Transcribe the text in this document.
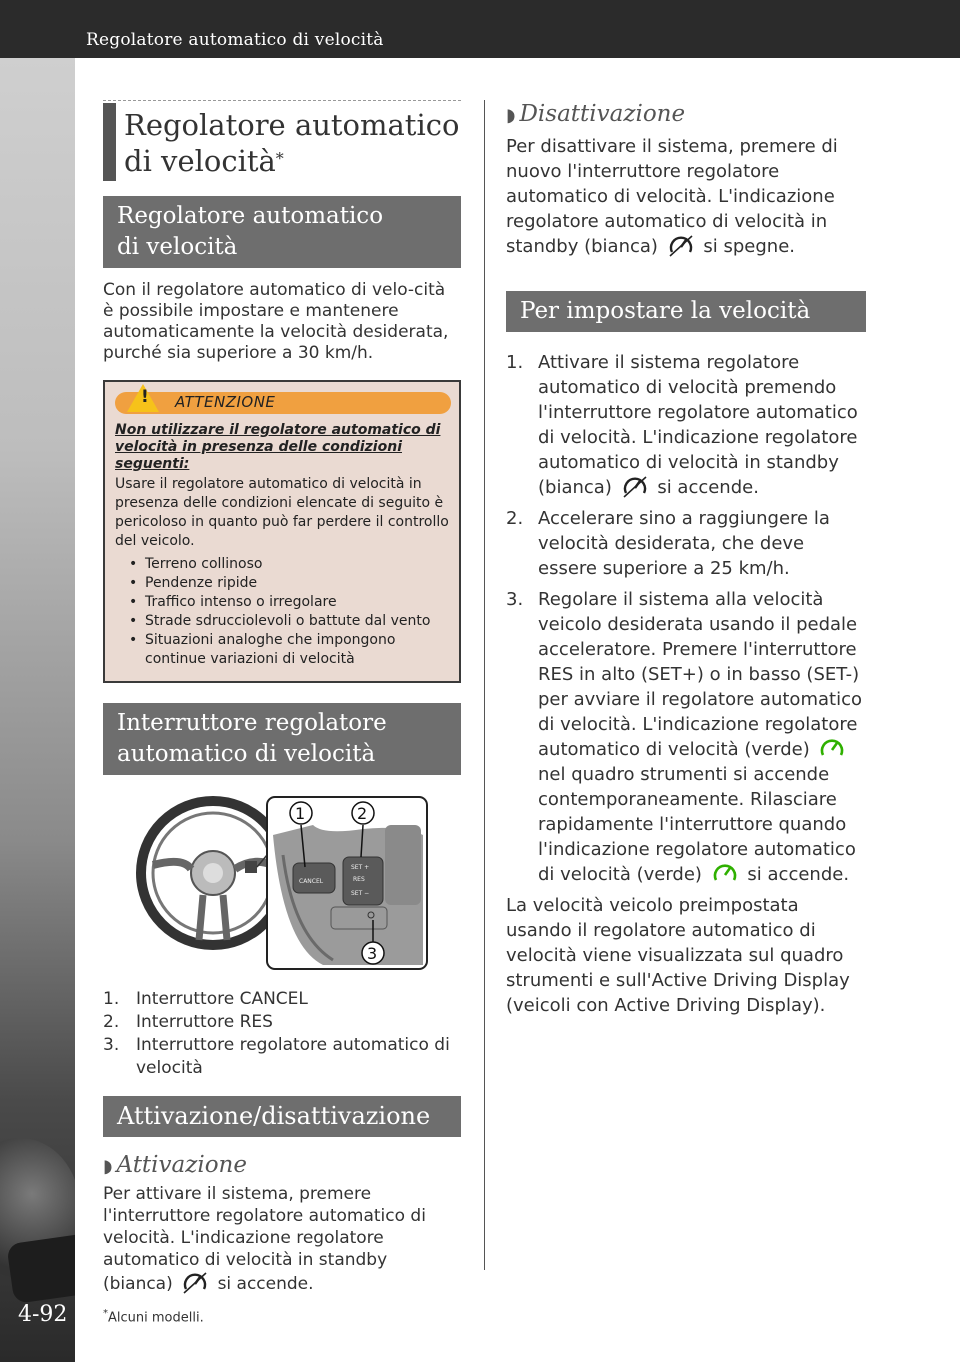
Regolatore automatico di velocità
4-92
Regolatore automatico
di velocità*
Regolatore automatico
di velocità

Con il regolatore automatico di velo-cità è possibile impostare e mantenere automaticamente la velocità desiderata, purché sia superiore a 30 km/h.

! ATTENZIONE
Non utilizzare il regolatore automatico di velocità in presenza delle condizioni seguenti:
Usare il regolatore automatico di velocità in presenza delle condizioni elencate di seguito è pericoloso in quanto può far perdere il controllo del veicolo.
• Terreno collinoso
• Pendenze ripide
• Traffico intenso o irregolare
• Strade sdrucciolevoli o battute dal vento
• Situazioni analoghe che impongono continue variazioni di velocità
Interruttore regolatore
automatico di velocità
CANCEL
SET +
RES
SET −
1	2
3
1. Interruttore CANCEL
2. Interruttore RES
3. Interruttore regolatore automatico di velocità
Attivazione/disattivazione
◗ Attivazione

Per attivare il sistema, premere l'interruttore regolatore automatico di velocità. L'indicazione regolatore automatico di velocità in standby (bianca)	si accende.

◗ Disattivazione

Per disattivare il sistema, premere di nuovo l'interruttore regolatore automatico di velocità. L'indicazione regolatore automatico di velocità in standby (bianca)	si spegne.

Per impostare la velocità
1. Attivare il sistema regolatore automatico di velocità premendo l'interruttore regolatore automatico di velocità. L'indicazione regolatore automatico di velocità in standby (bianca)	si accende.
2. Accelerare sino a raggiungere la velocità desiderata, che deve essere superiore a 25 km/h.
3. Regolare il sistema alla velocità veicolo desiderata usando il pedale acceleratore. Premere l'interruttore RES in alto (SET+) o in basso (SET-) per avviare il regolatore automatico di velocità. L'indicazione regolatore automatico di velocità (verde)  nel quadro strumenti si accende contemporaneamente. Rilasciare rapidamente l'interruttore quando l'indicazione regolatore automatico di velocità (verde)	si accende.

La velocità veicolo preimpostata usando il regolatore automatico di velocità viene visualizzata sul quadro strumenti e sull'Active Driving Display (veicoli con Active Driving Display).

*Alcuni modelli.
